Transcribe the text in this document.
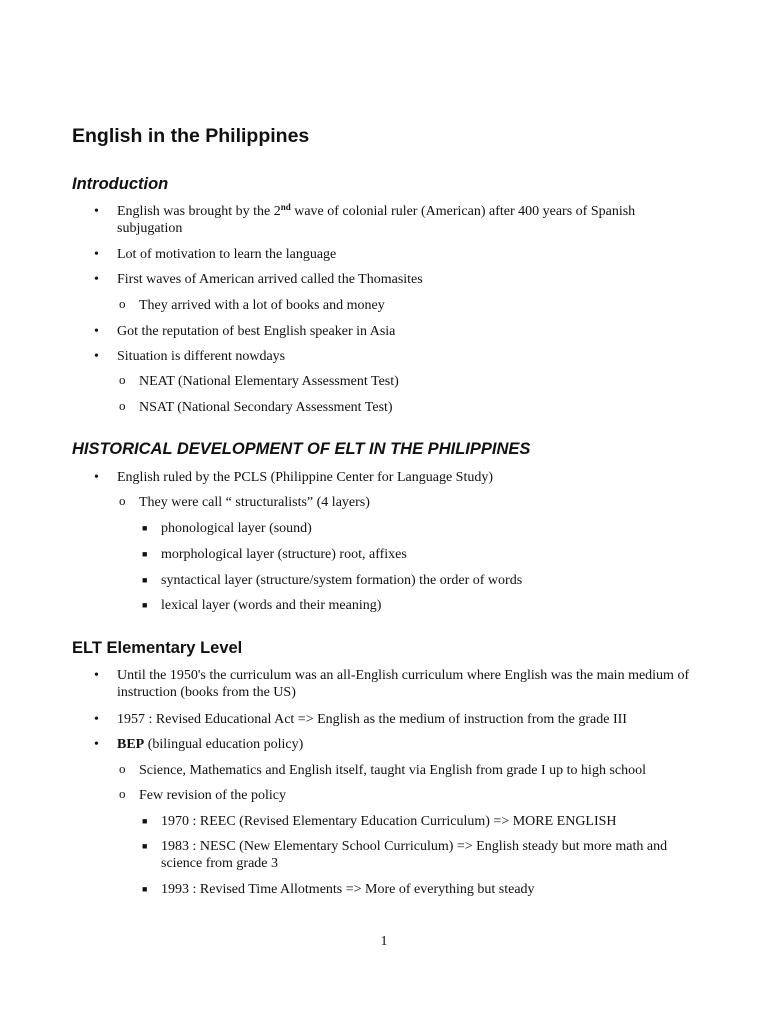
English in the Philippines
Introduction
• English was brought by the 2nd wave of colonial ruler (American) after 400 years of Spanish subjugation
• Lot of motivation to learn the language
• First waves of American arrived called the Thomasites
o They arrived with a lot of books and money
• Got the reputation of best English speaker in Asia
• Situation is different nowdays
o NEAT (National Elementary Assessment Test)
o NSAT (National Secondary Assessment Test)
HISTORICAL DEVELOPMENT OF ELT IN THE PHILIPPINES
• English ruled by the PCLS (Philippine Center for Language Study)
o They were call “ structuralists” (4 layers)
■ phonological layer (sound)
■ morphological layer (structure) root, affixes
■ syntactical layer (structure/system formation) the order of words
■ lexical layer (words and their meaning)
ELT Elementary Level
• Until the 1950's the curriculum was an all-English curriculum where English was the main medium of instruction (books from the US)
• 1957 : Revised Educational Act => English as the medium of instruction from the grade III
• BEP (bilingual education policy)
o Science, Mathematics and English itself, taught via English from grade I up to high school
o Few revision of the policy
■ 1970 : REEC (Revised Elementary Education Curriculum) => MORE ENGLISH
■ 1983 : NESC (New Elementary School Curriculum) => English steady but more math and science from grade 3
■ 1993 : Revised Time Allotments => More of everything but steady
1
